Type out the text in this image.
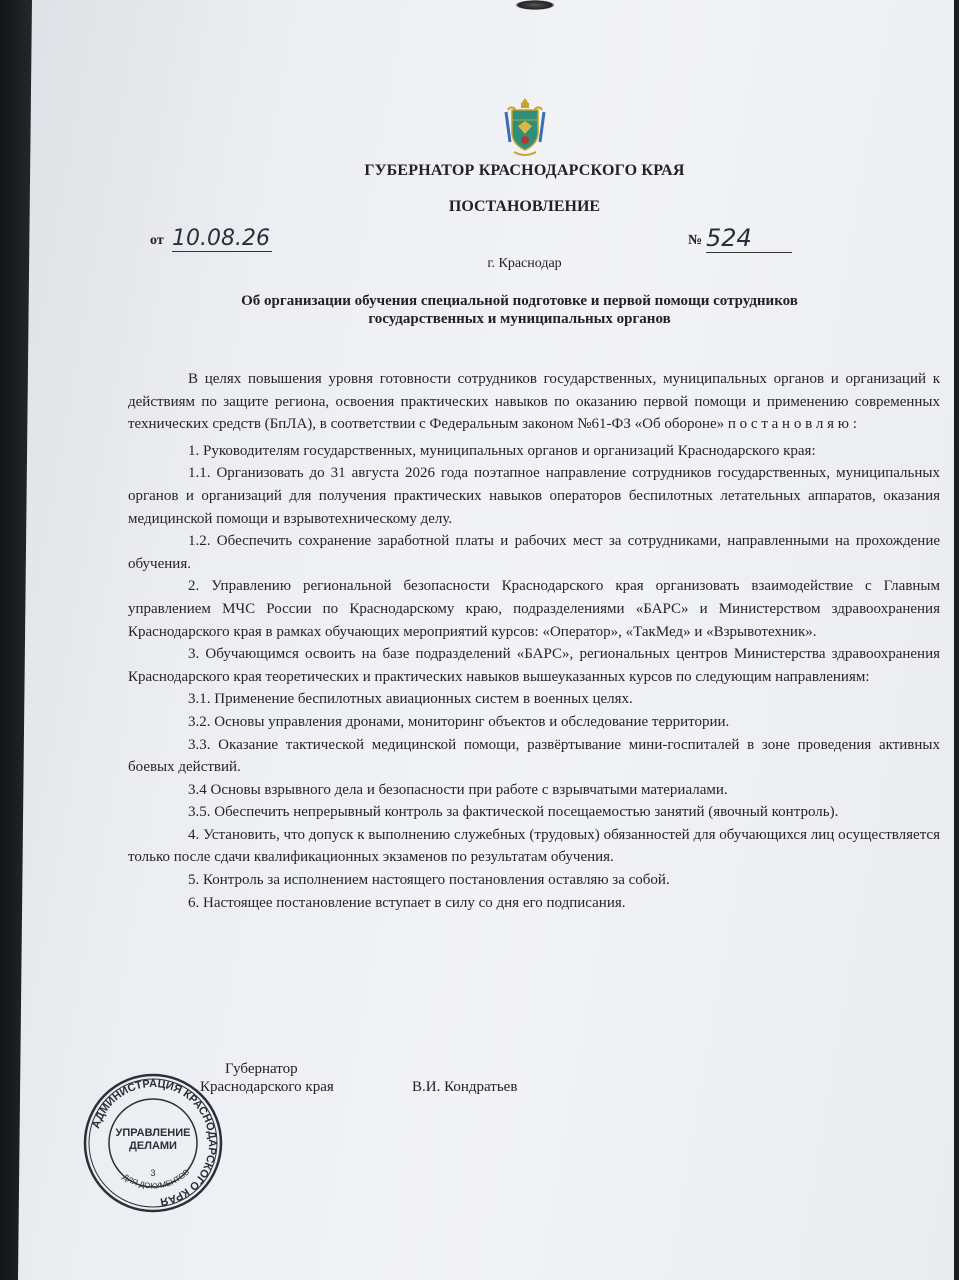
ГУБЕРНАТОР КРАСНОДАРСКОГО КРАЯ
ПОСТАНОВЛЕНИЕ
от 10.08.26	№ 524
г. Краснодар
Об организации обучения специальной подготовке и первой помощи сотрудников
государственных и муниципальных органов

В целях повышения уровня готовности сотрудников государственных, муниципальных органов и организаций к действиям по защите региона, освоения практических навыков по оказанию первой помощи и применению современных технических средств (БпЛА), в соответствии с Федеральным законом №61-ФЗ «Об обороне» п о с т а н о в л я ю :

1. Руководителям государственных, муниципальных органов и организаций Краснодарского края:

1.1. Организовать до 31 августа 2026 года поэтапное направление сотрудников государственных, муниципальных органов и организаций для получения практических навыков операторов беспилотных летательных аппаратов, оказания медицинской помощи и взрывотехническому делу.

1.2. Обеспечить сохранение заработной платы и рабочих мест за сотрудниками, направленными на прохождение обучения.

2. Управлению региональной безопасности Краснодарского края организовать взаимодействие с Главным управлением МЧС России по Краснодарскому краю, подразделениями «БАРС» и Министерством здравоохранения Краснодарского края в рамках обучающих мероприятий курсов: «Оператор», «ТакМед» и «Взрывотехник».

3. Обучающимся освоить на базе подразделений «БАРС», региональных центров Министерства здравоохранения Краснодарского края теоретических и практических навыков вышеуказанных курсов по следующим направлениям:

3.1. Применение беспилотных авиационных систем в военных целях.

3.2. Основы управления дронами, мониторинг объектов и обследование территории.

3.3. Оказание тактической медицинской помощи, развёртывание мини-госпиталей в зоне проведения активных боевых действий.

3.4 Основы взрывного дела и безопасности при работе с взрывчатыми материалами.

3.5. Обеспечить непрерывный контроль за фактической посещаемостью занятий (явочный контроль).

4. Установить, что допуск к выполнению служебных (трудовых) обязанностей для обучающихся лиц осуществляется только после сдачи квалификационных экзаменов по результатам обучения.

5. Контроль за исполнением настоящего постановления оставляю за собой.

6. Настоящее постановление вступает в силу со дня его подписания.

Губернатор
Краснодарского края	В.И. Кондратьев
АДМИНИСТРАЦИЯ КРАСНОДАРСКОГО КРАЯ
ДЛЯ ДОКУМЕНТОВ
УПРАВЛЕНИЕ
ДЕЛАМИ
3
